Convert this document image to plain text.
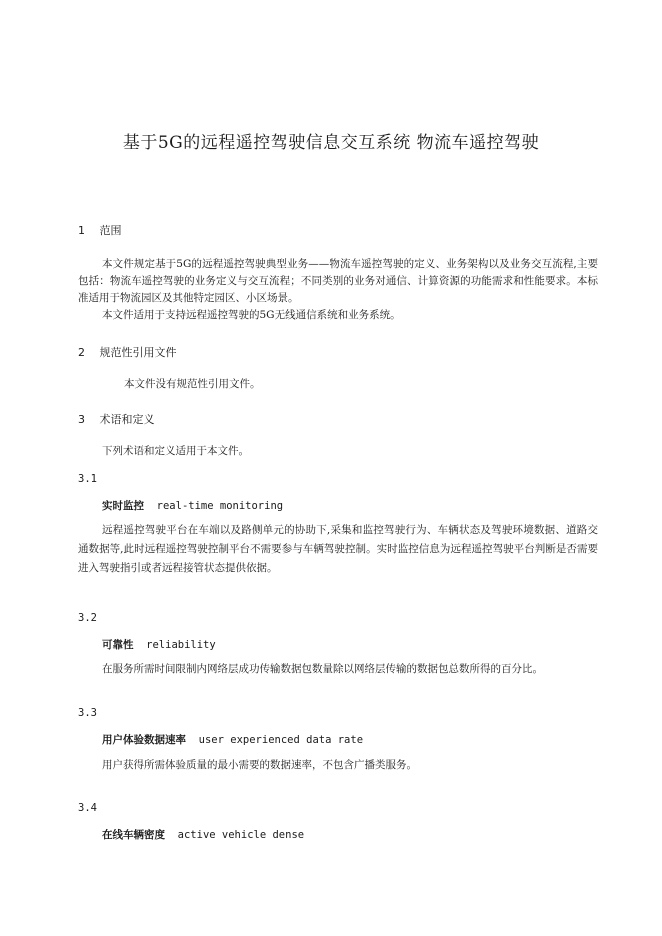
基于5G的远程遥控驾驶信息交互系统 物流车遥控驾驶
1 范围

本文件规定基于5G的远程遥控驾驶典型业务——物流车遥控驾驶的定义、业务架构以及业务交互流程,主要包括：物流车遥控驾驶的业务定义与交互流程；不同类别的业务对通信、计算资源的功能需求和性能要求。本标准适用于物流园区及其他特定园区、小区场景。

本文件适用于支持远程遥控驾驶的5G无线通信系统和业务系统。

2 规范性引用文件

本文件没有规范性引用文件。

3 术语和定义

下列术语和定义适用于本文件。

3.1
实时监控 real-time monitoring
远程遥控驾驶平台在车端以及路侧单元的协助下,采集和监控驾驶行为、车辆状态及驾驶环境数据、道路交通数据等,此时远程遥控驾驶控制平台不需要参与车辆驾驶控制。实时监控信息为远程遥控驾驶平台判断是否需要进入驾驶指引或者远程接管状态提供依据。
3.2
可靠性 reliability
在服务所需时间限制内网络层成功传输数据包数量除以网络层传输的数据包总数所得的百分比。
3.3
用户体验数据速率 user experienced data rate
用户获得所需体验质量的最小需要的数据速率，不包含广播类服务。
3.4
在线车辆密度 active vehicle dense
